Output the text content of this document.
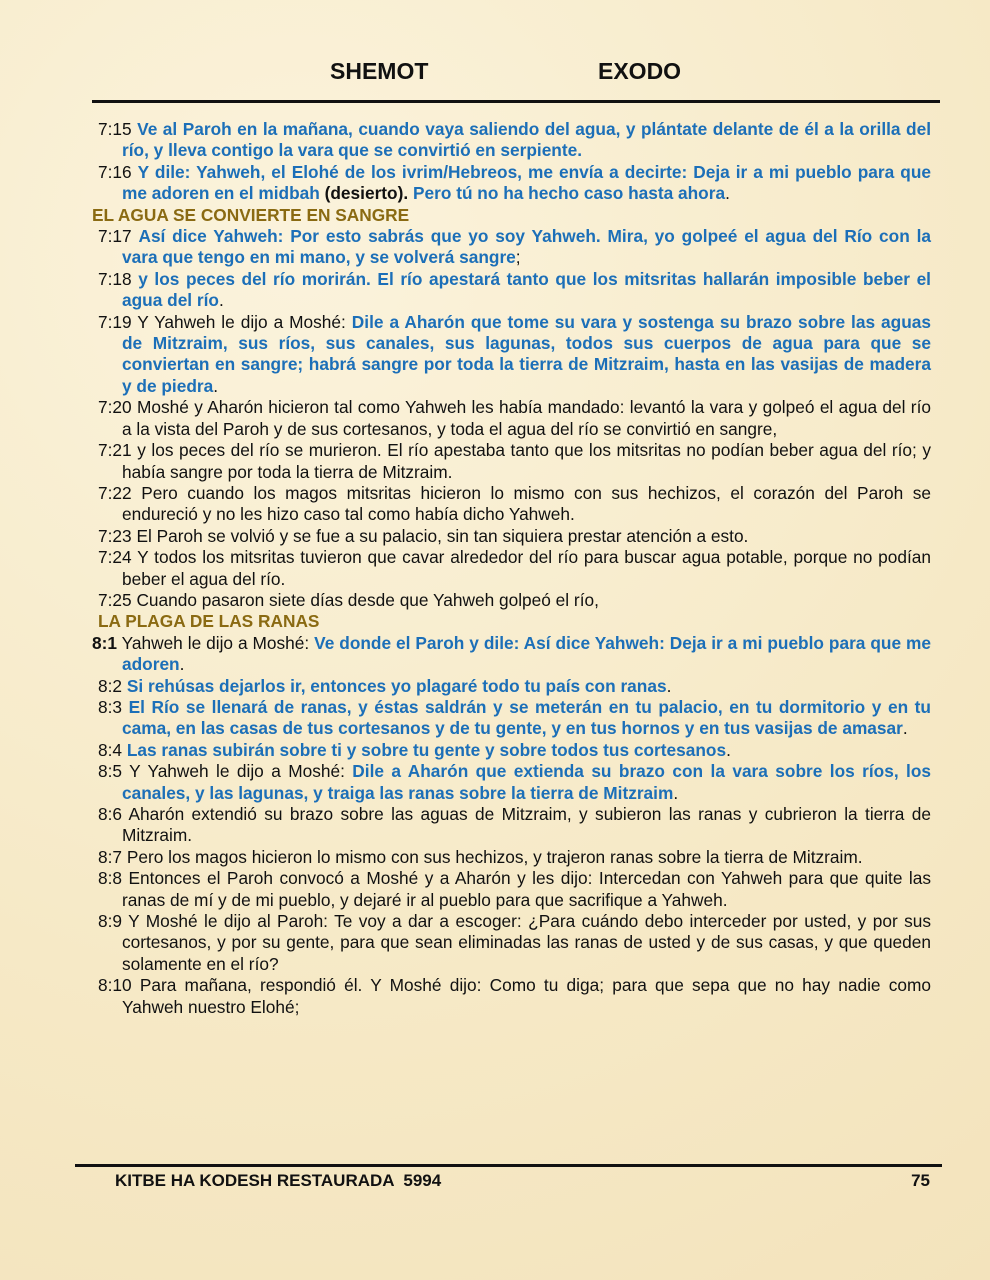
SHEMOT	EXODO
7:15 Ve al Paroh en la mañana, cuando vaya saliendo del agua, y plántate delante de él a la orilla del río, y lleva contigo la vara que se convirtió en serpiente.
7:16 Y dile: Yahweh, el Elohé de los ivrim/Hebreos, me envía a decirte: Deja ir a mi pueblo para que me adoren en el midbah (desierto). Pero tú no ha hecho caso hasta ahora.
EL AGUA SE CONVIERTE EN SANGRE
7:17 Así dice Yahweh: Por esto sabrás que yo soy Yahweh. Mira, yo golpeé el agua del Río con la vara que tengo en mi mano, y se volverá sangre;
7:18 y los peces del río morirán. El río apestará tanto que los mitsritas hallarán imposible beber el agua del río.
7:19 Y Yahweh le dijo a Moshé: Dile a Aharón que tome su vara y sostenga su brazo sobre las aguas de Mitzraim, sus ríos, sus canales, sus lagunas, todos sus cuerpos de agua para que se conviertan en sangre; habrá sangre por toda la tierra de Mitzraim, hasta en las vasijas de madera y de piedra.
7:20 Moshé y Aharón hicieron tal como Yahweh les había mandado: levantó la vara y golpeó el agua del río a la vista del Paroh y de sus cortesanos, y toda el agua del río se convirtió en sangre,
7:21 y los peces del río se murieron. El río apestaba tanto que los mitsritas no podían beber agua del río; y había sangre por toda la tierra de Mitzraim.
7:22 Pero cuando los magos mitsritas hicieron lo mismo con sus hechizos, el corazón del Paroh se endureció y no les hizo caso tal como había dicho Yahweh.
7:23 El Paroh se volvió y se fue a su palacio, sin tan siquiera prestar atención a esto.
7:24 Y todos los mitsritas tuvieron que cavar alrededor del río para buscar agua potable, porque no podían beber el agua del río.
7:25 Cuando pasaron siete días desde que Yahweh golpeó el río,
LA PLAGA DE LAS RANAS
8:1 Yahweh le dijo a Moshé: Ve donde el Paroh y dile: Así dice Yahweh: Deja ir a mi pueblo para que me adoren.
8:2 Si rehúsas dejarlos ir, entonces yo plagaré todo tu país con ranas.
8:3 El Río se llenará de ranas, y éstas saldrán y se meterán en tu palacio, en tu dormitorio y en tu cama, en las casas de tus cortesanos y de tu gente, y en tus hornos y en tus vasijas de amasar.
8:4 Las ranas subirán sobre ti y sobre tu gente y sobre todos tus cortesanos.
8:5 Y Yahweh le dijo a Moshé: Dile a Aharón que extienda su brazo con la vara sobre los ríos, los canales, y las lagunas, y traiga las ranas sobre la tierra de Mitzraim.
8:6 Aharón extendió su brazo sobre las aguas de Mitzraim, y subieron las ranas y cubrieron la tierra de Mitzraim.
8:7 Pero los magos hicieron lo mismo con sus hechizos, y trajeron ranas sobre la tierra de Mitzraim.
8:8 Entonces el Paroh convocó a Moshé y a Aharón y les dijo: Intercedan con Yahweh para que quite las ranas de mí y de mi pueblo, y dejaré ir al pueblo para que sacrifique a Yahweh.
8:9 Y Moshé le dijo al Paroh: Te voy a dar a escoger: ¿Para cuándo debo interceder por usted, y por sus cortesanos, y por su gente, para que sean eliminadas las ranas de usted y de sus casas, y que queden solamente en el río?
8:10 Para mañana, respondió él. Y Moshé dijo: Como tu diga; para que sepa que no hay nadie como Yahweh nuestro Elohé;
KITBE HA KODESH RESTAURADA  5994	75
